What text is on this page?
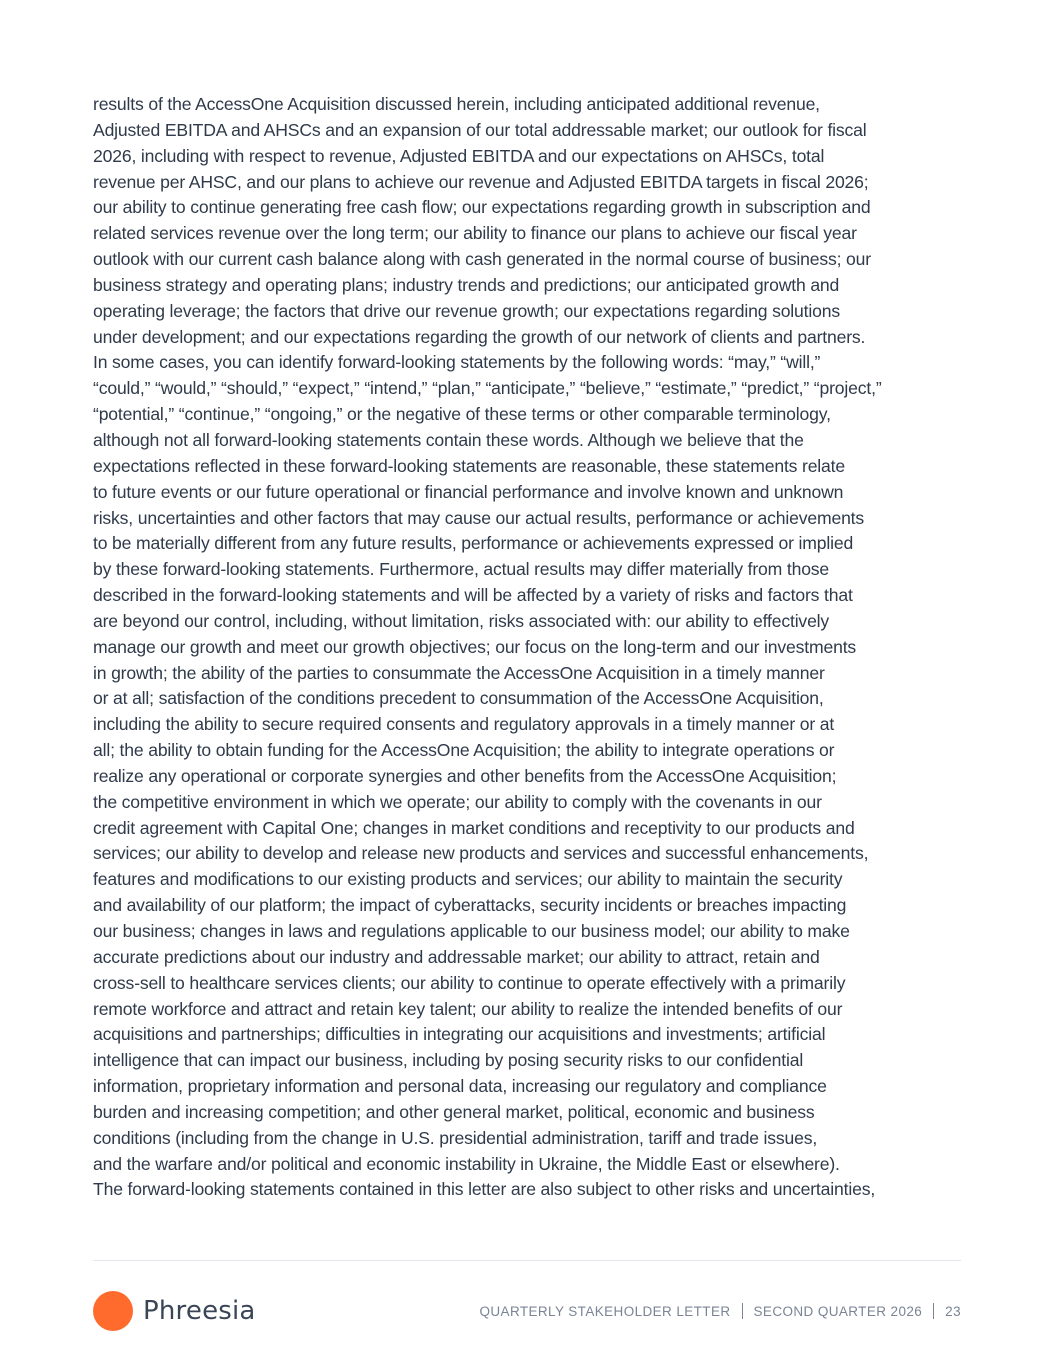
results of the AccessOne Acquisition discussed herein, including anticipated additional revenue,
Adjusted EBITDA and AHSCs and an expansion of our total addressable market; our outlook for fiscal
2026, including with respect to revenue, Adjusted EBITDA and our expectations on AHSCs, total
revenue per AHSC, and our plans to achieve our revenue and Adjusted EBITDA targets in fiscal 2026;
our ability to continue generating free cash flow; our expectations regarding growth in subscription and
related services revenue over the long term; our ability to finance our plans to achieve our fiscal year
outlook with our current cash balance along with cash generated in the normal course of business; our
business strategy and operating plans; industry trends and predictions; our anticipated growth and
operating leverage; the factors that drive our revenue growth; our expectations regarding solutions
under development; and our expectations regarding the growth of our network of clients and partners.
In some cases, you can identify forward-looking statements by the following words: “may,” “will,”
“could,” “would,” “should,” “expect,” “intend,” “plan,” “anticipate,” “believe,” “estimate,” “predict,” “project,”
“potential,” “continue,” “ongoing,” or the negative of these terms or other comparable terminology,
although not all forward-looking statements contain these words. Although we believe that the
expectations reflected in these forward-looking statements are reasonable, these statements relate
to future events or our future operational or financial performance and involve known and unknown
risks, uncertainties and other factors that may cause our actual results, performance or achievements
to be materially different from any future results, performance or achievements expressed or implied
by these forward-looking statements. Furthermore, actual results may differ materially from those
described in the forward-looking statements and will be affected by a variety of risks and factors that
are beyond our control, including, without limitation, risks associated with: our ability to effectively
manage our growth and meet our growth objectives; our focus on the long-term and our investments
in growth; the ability of the parties to consummate the AccessOne Acquisition in a timely manner
or at all; satisfaction of the conditions precedent to consummation of the AccessOne Acquisition,
including the ability to secure required consents and regulatory approvals in a timely manner or at
all; the ability to obtain funding for the AccessOne Acquisition; the ability to integrate operations or
realize any operational or corporate synergies and other benefits from the AccessOne Acquisition;
the competitive environment in which we operate; our ability to comply with the covenants in our
credit agreement with Capital One; changes in market conditions and receptivity to our products and
services; our ability to develop and release new products and services and successful enhancements,
features and modifications to our existing products and services; our ability to maintain the security
and availability of our platform; the impact of cyberattacks, security incidents or breaches impacting
our business; changes in laws and regulations applicable to our business model; our ability to make
accurate predictions about our industry and addressable market; our ability to attract, retain and
cross-sell to healthcare services clients; our ability to continue to operate effectively with a primarily
remote workforce and attract and retain key talent; our ability to realize the intended benefits of our
acquisitions and partnerships; difficulties in integrating our acquisitions and investments; artificial
intelligence that can impact our business, including by posing security risks to our confidential
information, proprietary information and personal data, increasing our regulatory and compliance
burden and increasing competition; and other general market, political, economic and business
conditions (including from the change in U.S. presidential administration, tariff and trade issues,
and the warfare and/or political and economic instability in Ukraine, the Middle East or elsewhere).
The forward-looking statements contained in this letter are also subject to other risks and uncertainties,
Phreesia	QUARTERLY STAKEHOLDER LETTER SECOND QUARTER 2026 23
